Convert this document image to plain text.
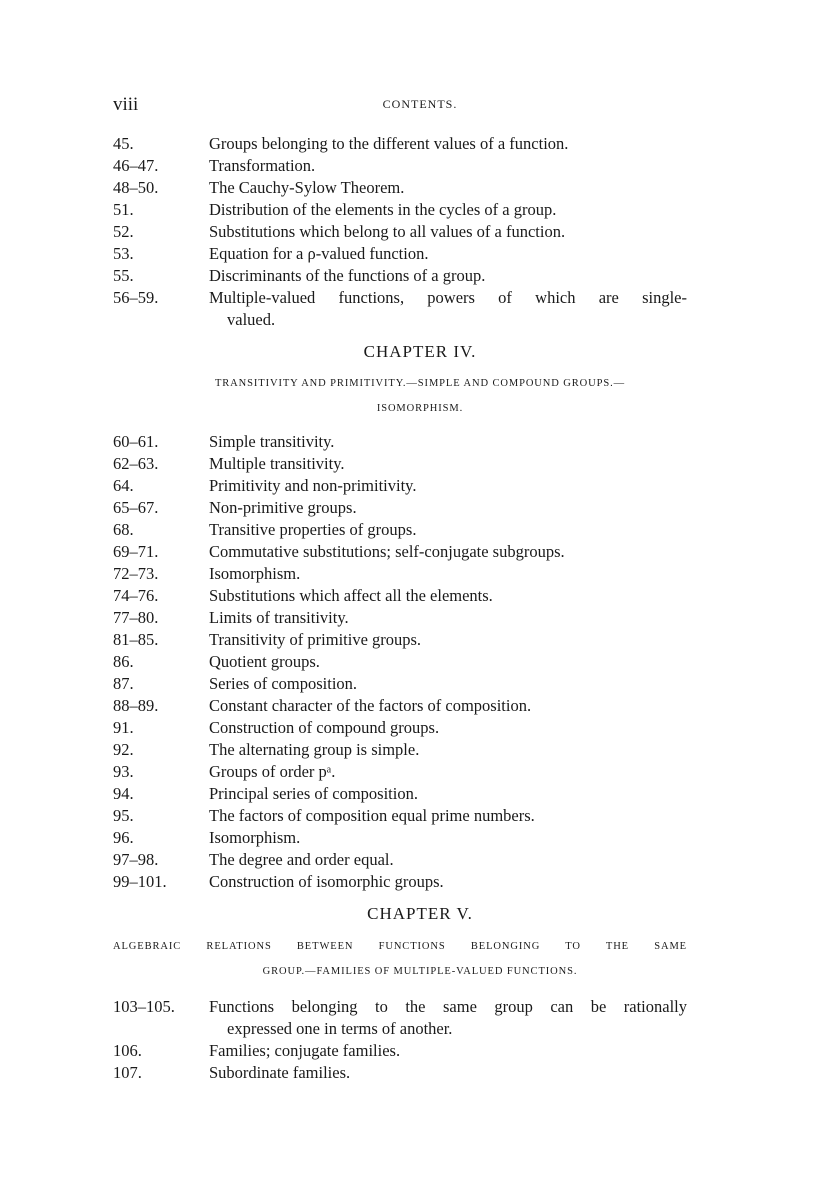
viii	CONTENTS.
45.	Groups belonging to the different values of a function.
46–47.	Transformation.
48–50.	The Cauchy-Sylow Theorem.
51.	Distribution of the elements in the cycles of a group.
52.	Substitutions which belong to all values of a function.
53.	Equation for a ρ-valued function.
55.	Discriminants of the functions of a group.
56–59.	Multiple-valued functions, powers of which are single-
valued.
CHAPTER IV.
TRANSITIVITY AND PRIMITIVITY.—SIMPLE AND COMPOUND GROUPS.—
ISOMORPHISM.
60–61.	Simple transitivity.
62–63.	Multiple transitivity.
64.	Primitivity and non-primitivity.
65–67.	Non-primitive groups.
68.	Transitive properties of groups.
69–71.	Commutative substitutions; self-conjugate subgroups.
72–73.	Isomorphism.
74–76.	Substitutions which affect all the elements.
77–80.	Limits of transitivity.
81–85.	Transitivity of primitive groups.
86.	Quotient groups.
87.	Series of composition.
88–89.	Constant character of the factors of composition.
91.	Construction of compound groups.
92.	The alternating group is simple.
93.	Groups of order pᵃ.
94.	Principal series of composition.
95.	The factors of composition equal prime numbers.
96.	Isomorphism.
97–98.	The degree and order equal.
99–101.	Construction of isomorphic groups.
CHAPTER V.
ALGEBRAIC RELATIONS BETWEEN FUNCTIONS BELONGING TO THE SAME
GROUP.—FAMILIES OF MULTIPLE-VALUED FUNCTIONS.
103–105. Functions belonging to the same group can be rationally
expressed one in terms of another.
106.	Families; conjugate families.
107.	Subordinate families.
